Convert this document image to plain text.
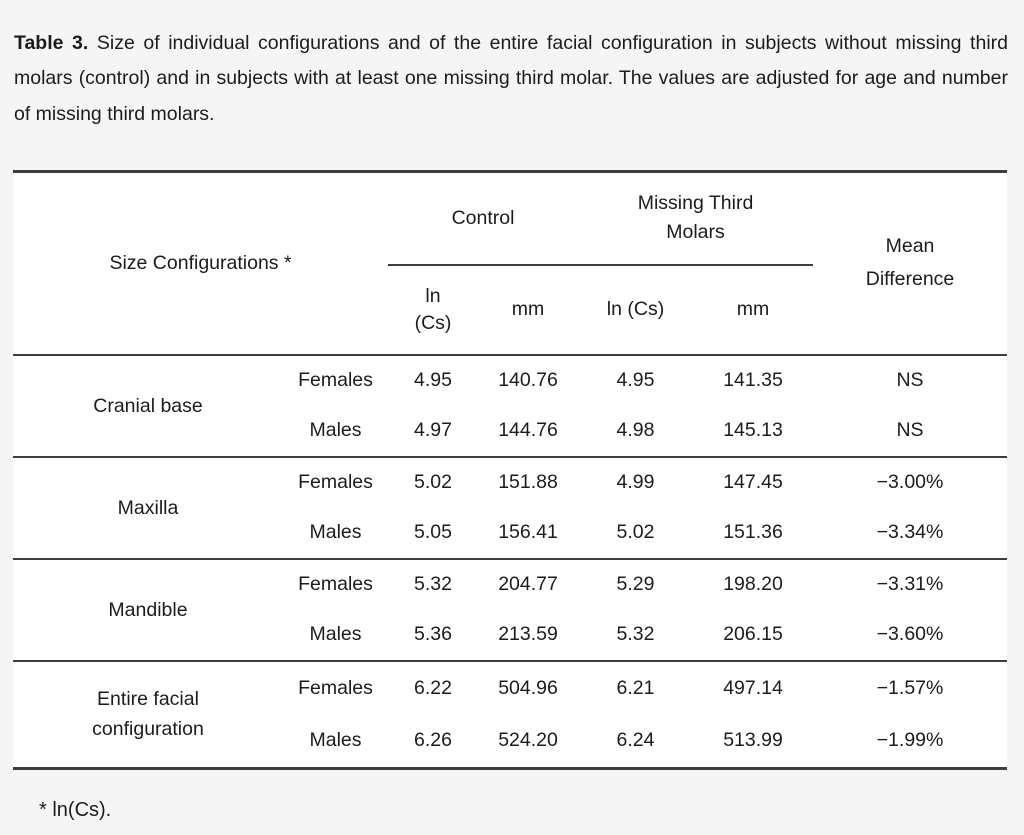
Table 3. Size of individual configurations and of the entire facial configuration in subjects without missing third molars (control) and in subjects with at least one missing third molar. The values are adjusted for age and number of missing third molars.

Size Configurations *		Control		Missing Third Molars		Mean Difference
		ln (Cs)	mm	ln (Cs)	mm	
Cranial base	Females	4.95	140.76	4.95	141.35	NS
	Males	4.97	144.76	4.98	145.13	NS
Maxilla	Females	5.02	151.88	4.99	147.45	−3.00%
	Males	5.05	156.41	5.02	151.36	−3.34%
Mandible	Females	5.32	204.77	5.29	198.20	−3.31%
	Males	5.36	213.59	5.32	206.15	−3.60%
Entire facial configuration	Females	6.22	504.96	6.21	497.14	−1.57%
	Males	6.26	524.20	6.24	513.99	−1.99%

* ln(Cs).
